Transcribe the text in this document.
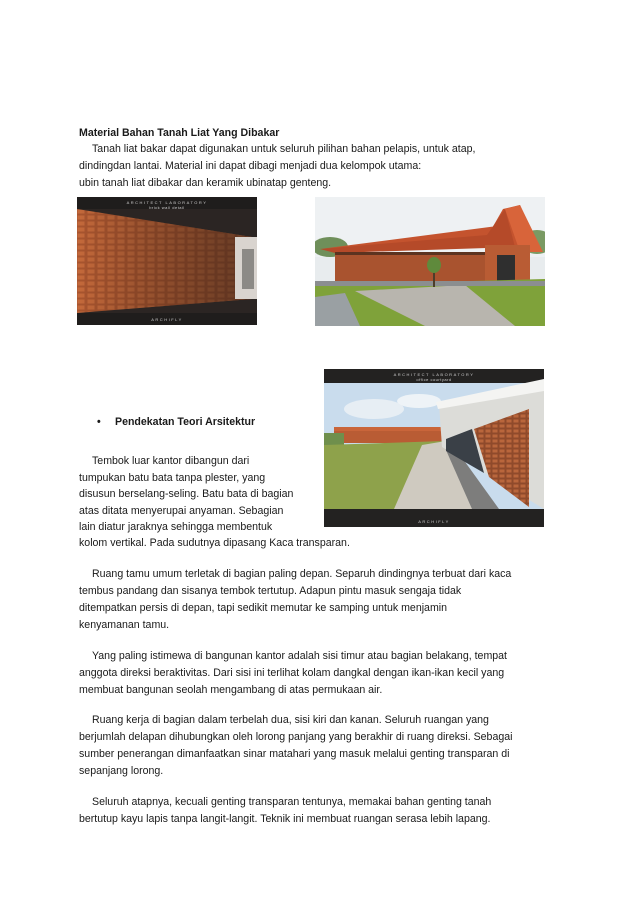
Material Bahan Tanah Liat Yang Dibakar
Tanah liat bakar dapat digunakan untuk seluruh pilihan bahan pelapis, untuk atap,
dindingdan lantai. Material ini dapat dibagi menjadi dua kelompok utama:
ubin tanah liat dibakar dan keramik ubinatap genteng.
ARCHITECT LABORATORY
brick wall detail
ARCHIFLY
ARCHITECT LABORATORY
office courtyard
ARCHIFLY
• Pendekatan Teori Arsitektur
Tembok luar kantor dibangun dari
tumpukan batu bata tanpa plester, yang
disusun berselang-seling. Batu bata di bagian
atas ditata menyerupai anyaman. Sebagian
lain diatur jaraknya sehingga membentuk
kolom vertikal. Pada sudutnya dipasang Kaca transparan.
Ruang tamu umum terletak di bagian paling depan. Separuh dindingnya terbuat dari kaca
tembus pandang dan sisanya tembok tertutup. Adapun pintu masuk sengaja tidak
ditempatkan persis di depan, tapi sedikit memutar ke samping untuk menjamin
kenyamanan tamu.
Yang paling istimewa di bangunan kantor adalah sisi timur atau bagian belakang, tempat
anggota direksi beraktivitas. Dari sisi ini terlihat kolam dangkal dengan ikan-ikan kecil yang
membuat bangunan seolah mengambang di atas permukaan air.
Ruang kerja di bagian dalam terbelah dua, sisi kiri dan kanan. Seluruh ruangan yang
berjumlah delapan dihubungkan oleh lorong panjang yang berakhir di ruang direksi. Sebagai
sumber penerangan dimanfaatkan sinar matahari yang masuk melalui genting transparan di
sepanjang lorong.
Seluruh atapnya, kecuali genting transparan tentunya, memakai bahan genting tanah
bertutup kayu lapis tanpa langit-langit. Teknik ini membuat ruangan serasa lebih lapang.
